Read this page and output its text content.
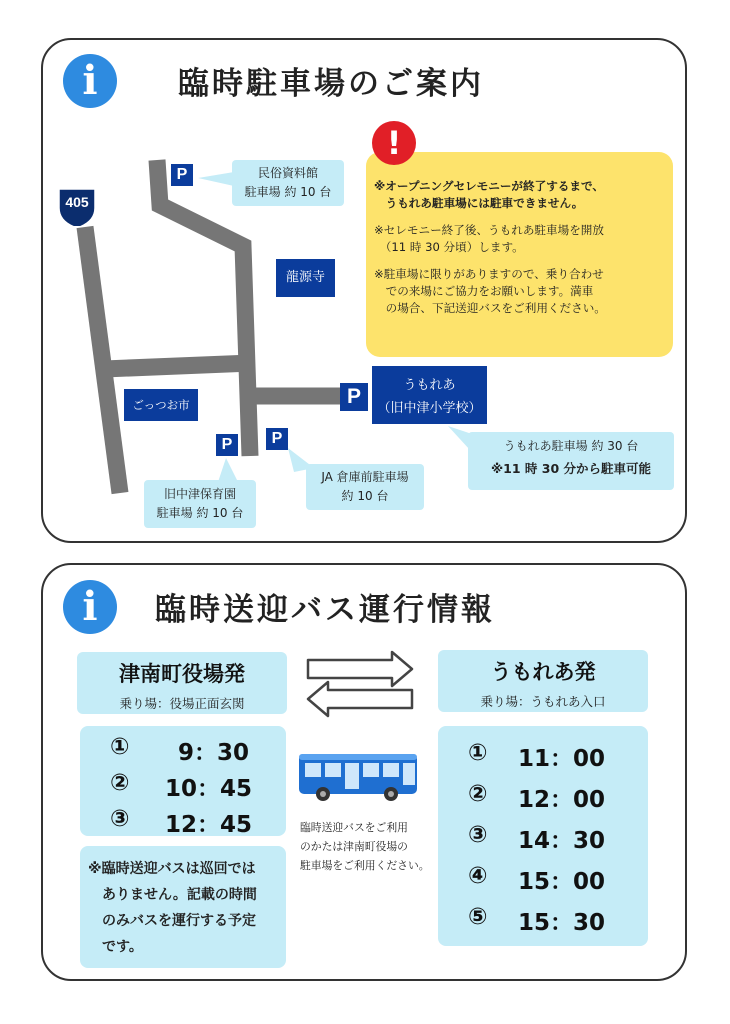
i	臨時駐車場のご案内
405
P
P	P
P
龍源寺
ごっつお市
うもれあ
（旧中津小学校）
民俗資料館
駐車場 約 10 台
旧中津保育園
駐車場 約 10 台
JA 倉庫前駐車場
約 10 台
うもれあ駐車場 約 30 台
※11 時 30 分から駐車可能

※オープニングセレモニーが終了するまで、
　うもれあ駐車場には駐車できません。

※セレモニー終了後、うもれあ駐車場を開放
　（11 時 30 分頃）します。

※駐車場に限りがありますので、乗り合わせ
　での来場にご協力をお願いします。満車
　の場合、下記送迎バスをご利用ください。

!
i	臨時送迎バス運行情報
津南町役場発
乗り場：役場正面玄関
うもれあ発
乗り場：うもれあ入口
① 9：30
② 10：45
③ 12：45
※臨時送迎バスは巡回では
ありません。記載の時間
のみバスを運行する予定
です。
臨時送迎バスをご利用
のかたは津南町役場の
駐車場をご利用ください。
① 11：00
② 12：00
③ 14：30
④ 15：00
⑤ 15：30
